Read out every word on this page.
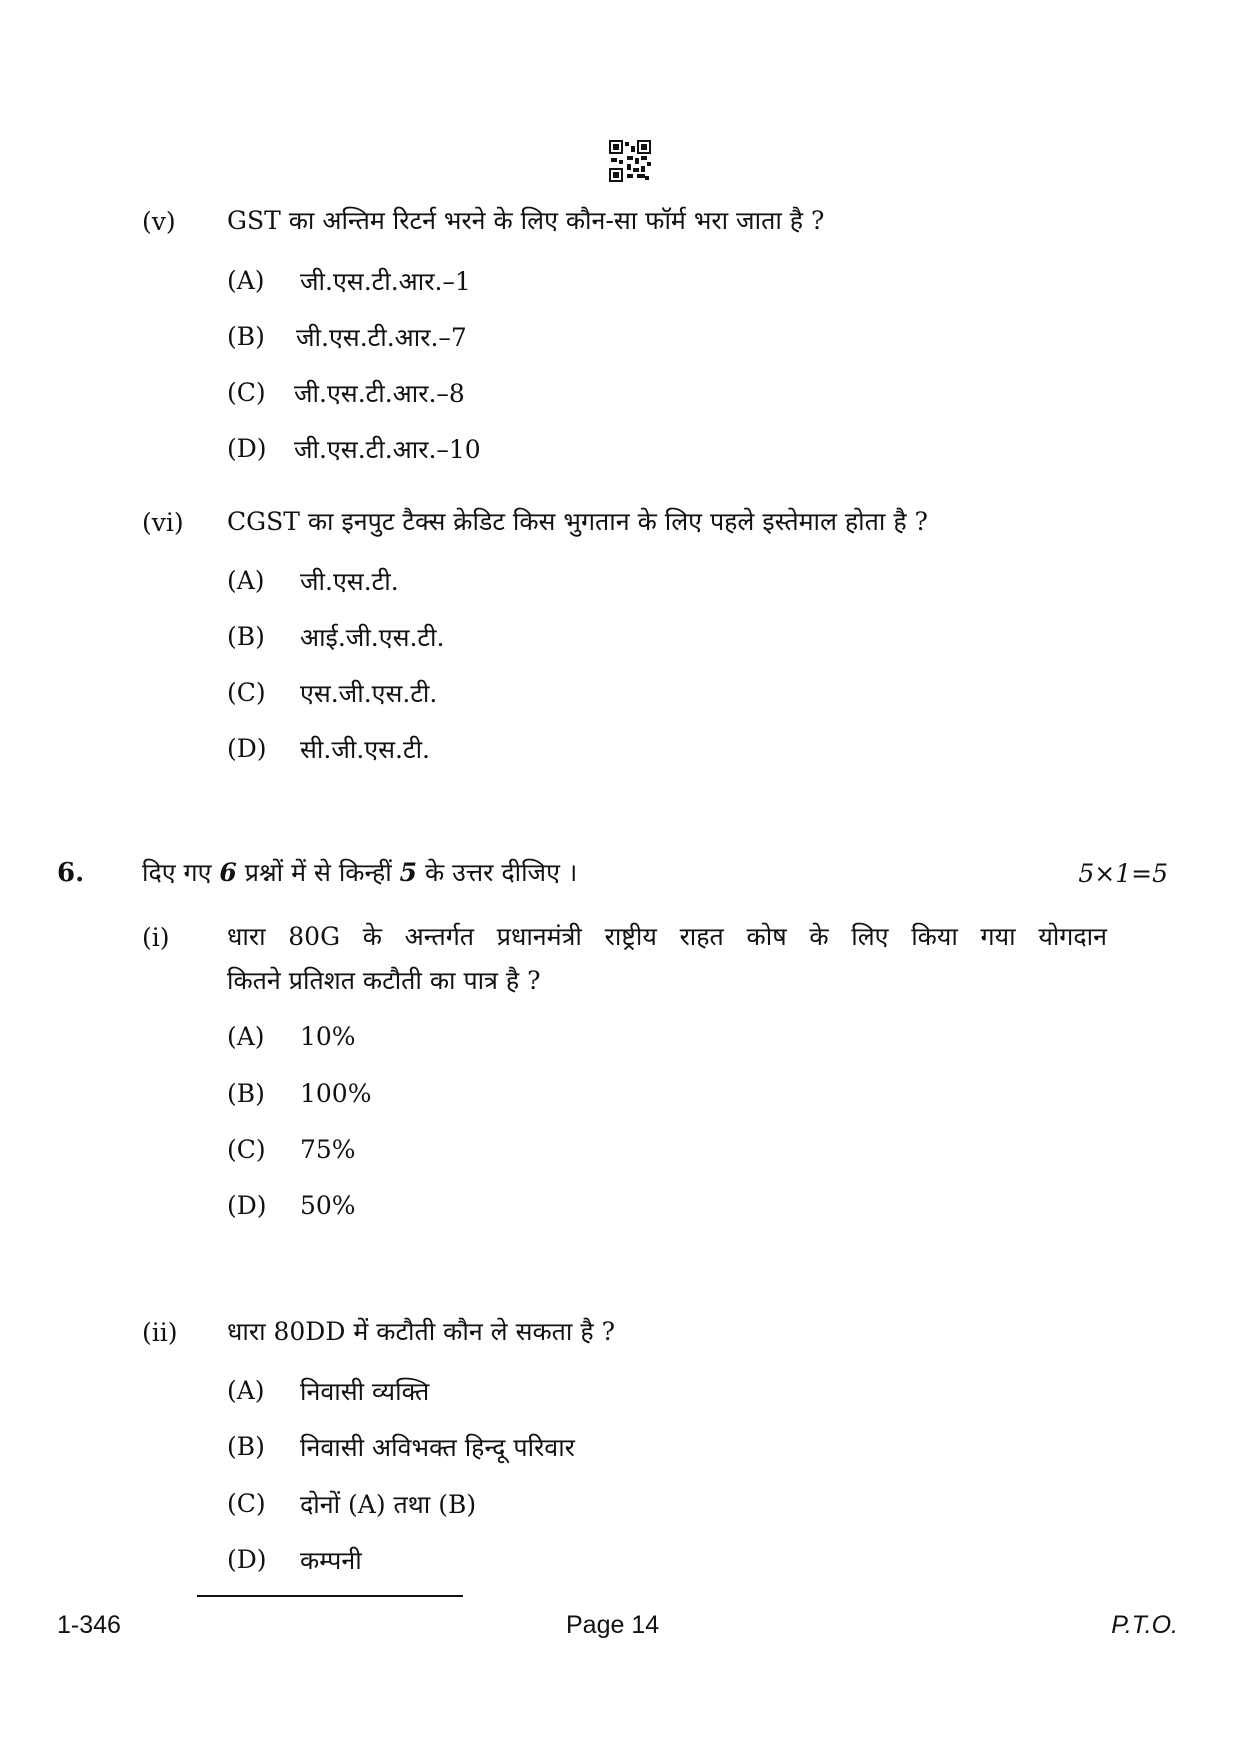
(v) GST का अन्तिम रिटर्न भरने के लिए कौन-सा फॉर्म भरा जाता है ?
(A) जी.एस.टी.आर.–1
(B) जी.एस.टी.आर.–7
(C) जी.एस.टी.आर.–8
(D) जी.एस.टी.आर.–10
(vi) CGST का इनपुट टैक्स क्रेडिट किस भुगतान के लिए पहले इस्तेमाल होता है ?
(A) जी.एस.टी.
(B) आई.जी.एस.टी.
(C) एस.जी.एस.टी.
(D) सी.जी.एस.टी.
6. दिए गए 6 प्रश्नों में से किन्हीं 5 के उत्तर दीजिए ।	5×1=5
(i) धारा 80G के अन्तर्गत प्रधानमंत्री राष्ट्रीय राहत कोष के लिए किया गया योगदान
कितने प्रतिशत कटौती का पात्र है ?
(A) 10%
(B) 100%
(C) 75%
(D) 50%
(ii) धारा 80DD में कटौती कौन ले सकता है ?
(A) निवासी व्यक्ति
(B) निवासी अविभक्त हिन्दू परिवार
(C) दोनों (A) तथा (B)
(D) कम्पनी
1-346	Page 14	P.T.O.
